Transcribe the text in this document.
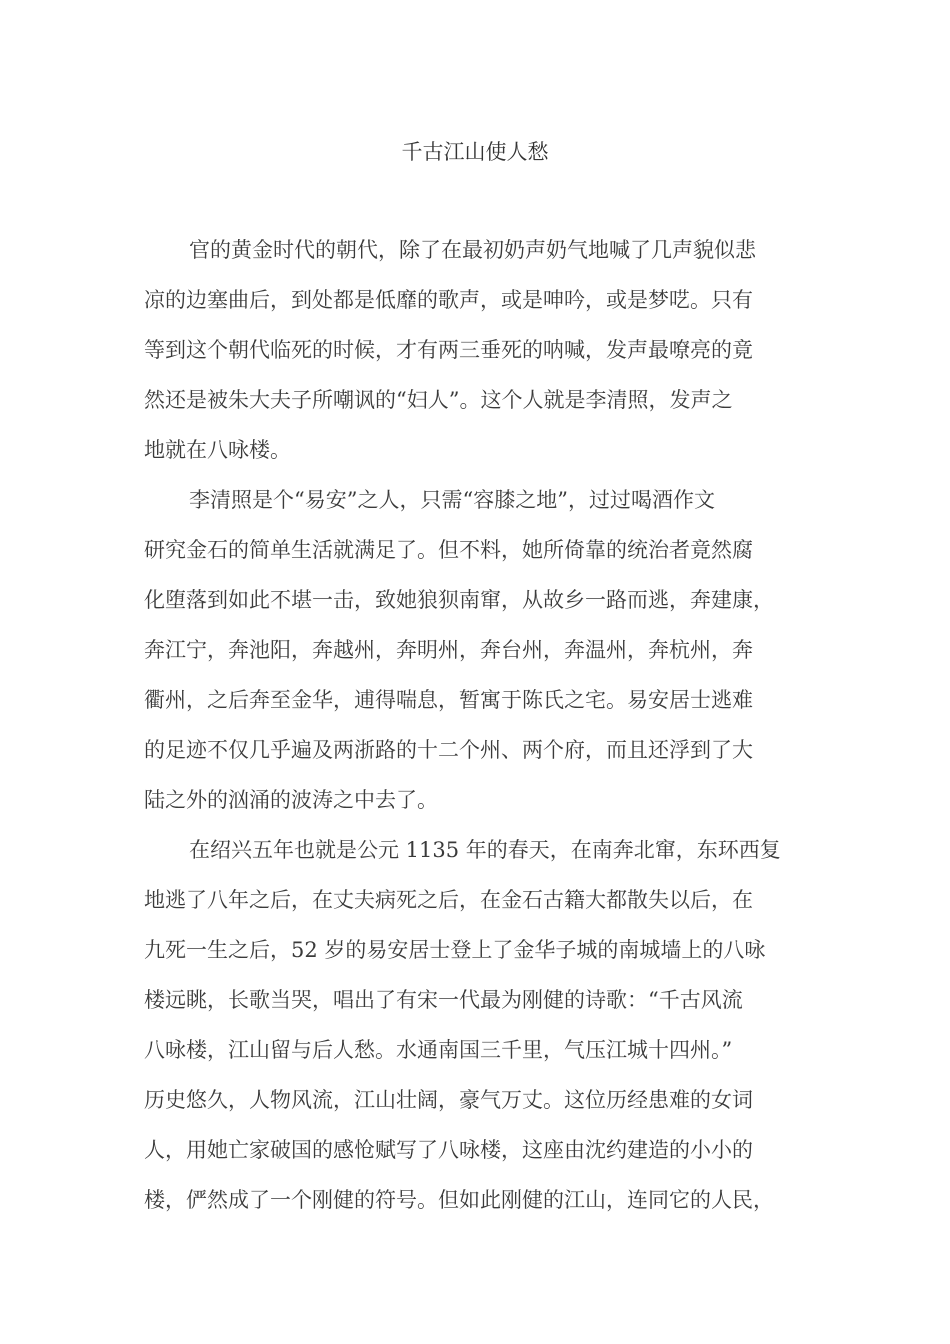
千古江山使人愁
官的黄金时代的朝代，除了在最初奶声奶气地喊了几声貌似悲
凉的边塞曲后，到处都是低靡的歌声，或是呻吟，或是梦呓。只有
等到这个朝代临死的时候，才有两三垂死的呐喊，发声最嘹亮的竟
然还是被朱大夫子所嘲讽的“妇人”。这个人就是李清照，发声之
地就在八咏楼。
李清照是个“易安”之人，只需“容膝之地”，过过喝酒作文
研究金石的简单生活就满足了。但不料，她所倚靠的统治者竟然腐
化堕落到如此不堪一击，致她狼狈南窜，从故乡一路而逃，奔建康，
奔江宁，奔池阳，奔越州，奔明州，奔台州，奔温州，奔杭州，奔
衢州，之后奔至金华，逋得喘息，暂寓于陈氏之宅。易安居士逃难
的足迹不仅几乎遍及两浙路的十二个州、两个府，而且还浮到了大
陆之外的汹涌的波涛之中去了。
在绍兴五年也就是公元 1135 年的春天，在南奔北窜，东环西复
地逃了八年之后，在丈夫病死之后，在金石古籍大都散失以后，在
九死一生之后，52 岁的易安居士登上了金华子城的南城墙上的八咏
楼远眺，长歌当哭，唱出了有宋一代最为刚健的诗歌：“千古风流
八咏楼，江山留与后人愁。水通南国三千里，气压江城十四州。”
历史悠久，人物风流，江山壮阔，豪气万丈。这位历经患难的女词
人，用她亡家破国的感怆赋写了八咏楼，这座由沈约建造的小小的
楼，俨然成了一个刚健的符号。但如此刚健的江山，连同它的人民，
